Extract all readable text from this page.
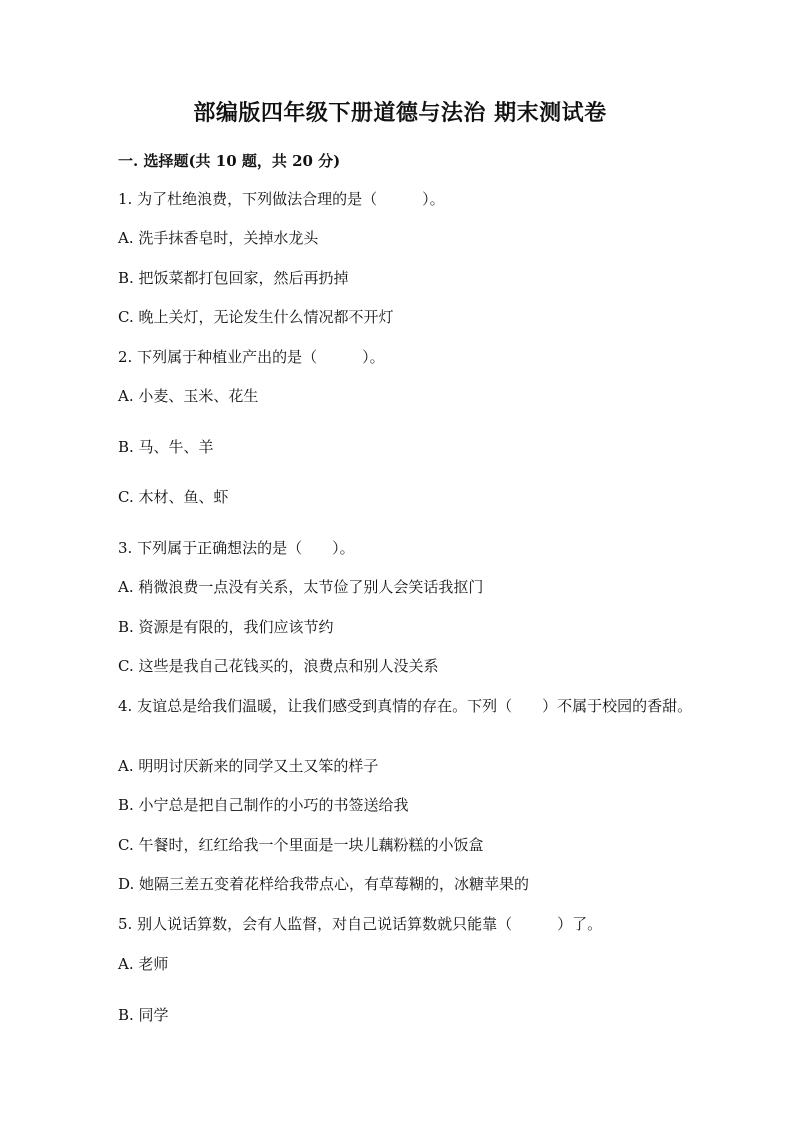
部编版四年级下册道德与法治 期末测试卷
一. 选择题(共 10 题，共 20 分)
1. 为了杜绝浪费，下列做法合理的是（　　　）。
A. 洗手抹香皂时，关掉水龙头
B. 把饭菜都打包回家，然后再扔掉
C. 晚上关灯，无论发生什么情况都不开灯
2. 下列属于种植业产出的是（　　　）。
A. 小麦、玉米、花生
B. 马、牛、羊
C. 木材、鱼、虾
3. 下列属于正确想法的是（　　）。
A. 稍微浪费一点没有关系，太节俭了别人会笑话我抠门
B. 资源是有限的，我们应该节约
C. 这些是我自己花钱买的，浪费点和别人没关系
4. 友谊总是给我们温暖，让我们感受到真情的存在。下列（　　）不属于校园的香甜。
A. 明明讨厌新来的同学又土又笨的样子
B. 小宁总是把自己制作的小巧的书签送给我
C. 午餐时，红红给我一个里面是一块儿藕粉糕的小饭盒
D. 她隔三差五变着花样给我带点心，有草莓糊的，冰糖苹果的
5. 别人说话算数，会有人监督，对自己说话算数就只能靠（　　　）了。
A. 老师
B. 同学
